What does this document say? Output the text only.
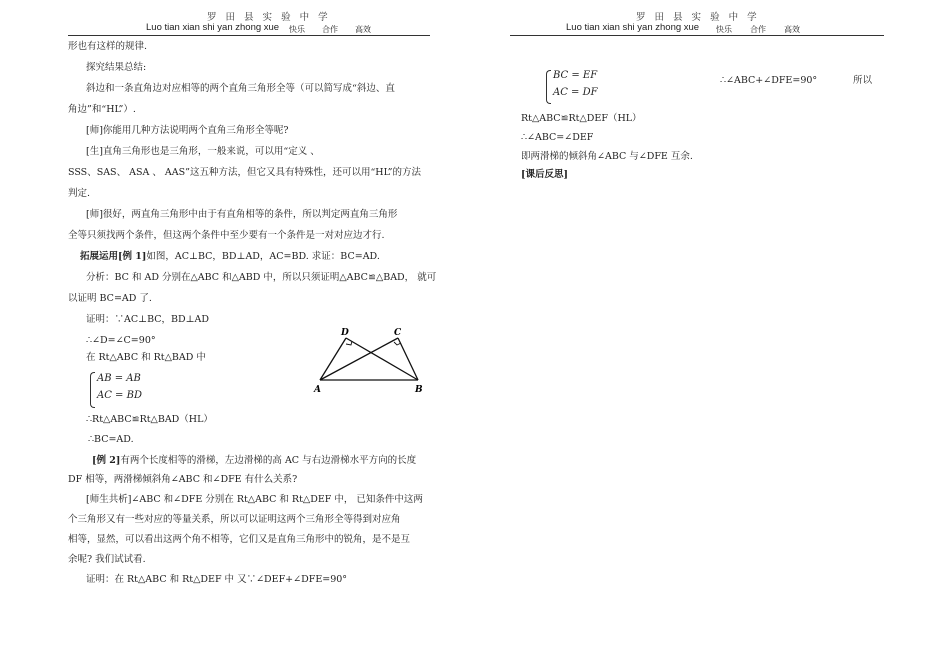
罗 田 县 实 验 中 学
Luo tian xian shi yan zhong xue 快乐 合作 高效
罗 田 县 实 验 中 学
Luo tian xian shi yan zhong xue 快乐 合作 高效
形也有这样的规律.
探究结果总结:
斜边和一条直角边对应相等的两个直角三角形全等（可以简写成“斜边、直
角边”和“HL”）.
[师]你能用几种方法说明两个直角三角形全等呢?
[生]直角三角形也是三角形，一般来说，可以用“定义 、
SSS、SAS、 ASA 、 AAS”这五种方法，但它又具有特殊性，还可以用“HL”的方法
判定.
[师]很好，两直角三角形中由于有直角相等的条件，所以判定两直角三角形
全等只须找两个条件，但这两个条件中至少要有一个条件是一对对应边才行.
拓展运用[例 1]如图，AC⊥BC，BD⊥AD，AC=BD. 求证：BC=AD.
分析：BC 和 AD 分别在△ABC 和△ABD 中，所以只须证明△ABC≌△BAD， 就可
以证明 BC=AD 了.
证明：∵AC⊥BC，BD⊥AD
∴∠D=∠C=90°
在 Rt△ABC 和 Rt△BAD 中
AB = AB
AC = BD
∴Rt△ABC≌Rt△BAD（HL）
∴BC=AD.
[例 2]有两个长度相等的滑梯，左边滑梯的高 AC 与右边滑梯水平方向的长度
DF 相等，两滑梯倾斜角∠ABC 和∠DFE 有什么关系?
[师生共析]∠ABC 和∠DFE 分别在 Rt△ABC 和 Rt△DEF 中， 已知条件中这两
个三角形又有一些对应的等量关系，所以可以证明这两个三角形全等得到对应角
相等，显然，可以看出这两个角不相等，它们又是直角三角形中的锐角，是不是互
余呢? 我们试试看.
证明：在 Rt△ABC 和 Rt△DEF 中 又∵∠DEF+∠DFE=90°
D	C
A	B
BC = EF
AC = DF
∴∠ABC+∠DFE=90°	所以
Rt△ABC≌Rt△DEF（HL）
∴∠ABC=∠DEF
即两滑梯的倾斜角∠ABC 与∠DFE 互余.
[课后反思]
